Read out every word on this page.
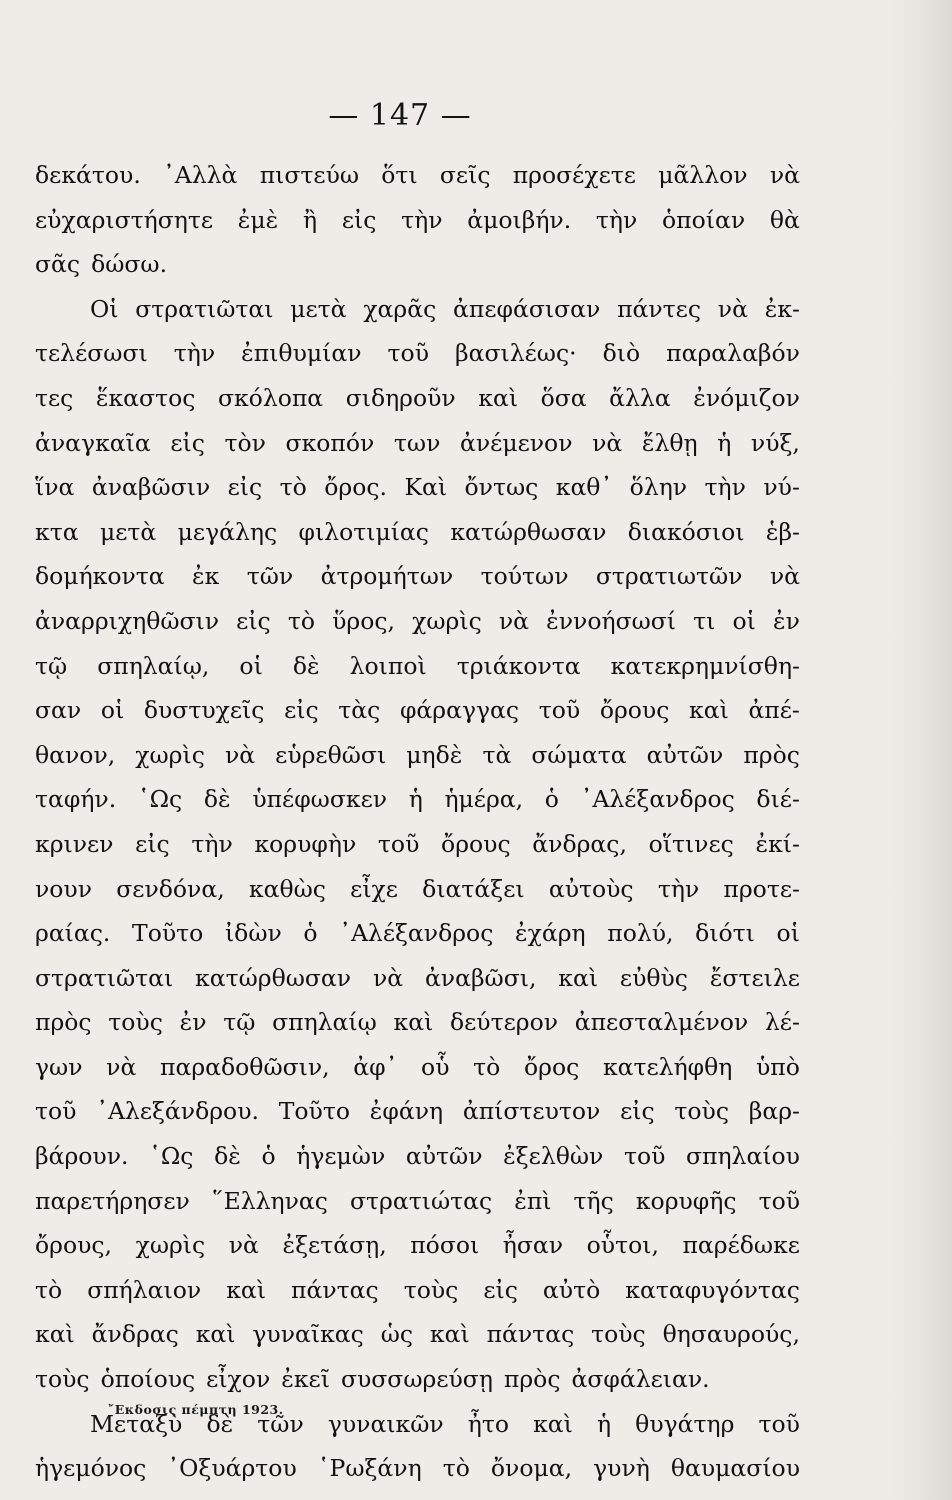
— 147 —
δεκάτου. ᾽Αλλὰ πιστεύω ὅτι σεῖς προσέχετε μᾶλλον νὰ
εὐχαριστήσητε ἐμὲ ἢ εἰς τὴν ἀμοιβήν. τὴν ὁποίαν θὰ
σᾶς δώσω.
Οἱ στρατιῶται μετὰ χαρᾶς ἀπεφάσισαν πάντες νὰ ἐκ-
τελέσωσι τὴν ἐπιθυμίαν τοῦ βασιλέως· διὸ παραλαβόν
τες ἕκαστος σκόλοπα σιδηροῦν καὶ ὅσα ἄλλα ἐνόμιζον
ἀναγκαῖα εἰς τὸν σκοπόν των ἀνέμενον νὰ ἔλθῃ ἡ νύξ,
ἵνα ἀναβῶσιν εἰς τὸ ὄρος. Καὶ ὄντως καθ᾽ ὅλην τὴν νύ-
κτα μετὰ μεγάλης φιλοτιμίας κατώρθωσαν διακόσιοι ἑβ-
δομήκοντα ἐκ τῶν ἀτρομήτων τούτων στρατιωτῶν νὰ
ἀναρριχηθῶσιν εἰς τὸ ὕρος, χωρὶς νὰ ἐννοήσωσί τι οἱ ἐν
τῷ σπηλαίῳ, οἱ δὲ λοιποὶ τριάκοντα κατεκρημνίσθη-
σαν οἱ δυστυχεῖς εἰς τὰς φάραγγας τοῦ ὄρους καὶ ἀπέ-
θανον, χωρὶς νὰ εὑρεθῶσι μηδὲ τὰ σώματα αὐτῶν πρὸς
ταφήν. ῾Ως δὲ ὑπέφωσκεν ἡ ἡμέρα, ὁ ᾽Αλέξανδρος διέ-
κρινεν εἰς τὴν κορυφὴν τοῦ ὄρους ἄνδρας, οἵτινες ἐκί-
νουν σενδόνα, καθὼς εἶχε διατάξει αὐτοὺς τὴν προτε-
ραίας. Τοῦτο ἰδὼν ὁ ᾽Αλέξανδρος ἐχάρη πολύ, διότι οἱ
στρατιῶται κατώρθωσαν νὰ ἀναβῶσι, καὶ εὐθὺς ἔστειλε
πρὸς τοὺς ἐν τῷ σπηλαίῳ καὶ δεύτερον ἀπεσταλμένον λέ-
γων νὰ παραδοθῶσιν, ἀφ᾽ οὗ τὸ ὄρος κατελήφθη ὑπὸ
τοῦ ᾽Αλεξάνδρου. Τοῦτο ἐφάνη ἀπίστευτον εἰς τοὺς βαρ-
βάρουν. ῾Ως δὲ ὁ ἡγεμὼν αὐτῶν ἐξελθὼν τοῦ σπηλαίου
παρετήρησεν ῞Ελληνας στρατιώτας ἐπὶ τῆς κορυφῆς τοῦ
ὄρους, χωρὶς νὰ ἐξετάσῃ, πόσοι ἦσαν οὗτοι, παρέδωκε
τὸ σπήλαιον καὶ πάντας τοὺς εἰς αὐτὸ καταφυγόντας
καὶ ἄνδρας καὶ γυναῖκας ὡς καὶ πάντας τοὺς θησαυρούς,
τοὺς ὁποίους εἶχον ἐκεῖ συσσωρεύσῃ πρὸς ἀσφάλειαν.
Μεταξὺ δὲ τῶν γυναικῶν ἦτο καὶ ἡ θυγάτηρ τοῦ
ἡγεμόνος ᾽Οξυάρτου ῾Ρωξάνη τὸ ὄνομα, γυνὴ θαυμασίου
῎Εκδοσις πέμπτη 1923.
